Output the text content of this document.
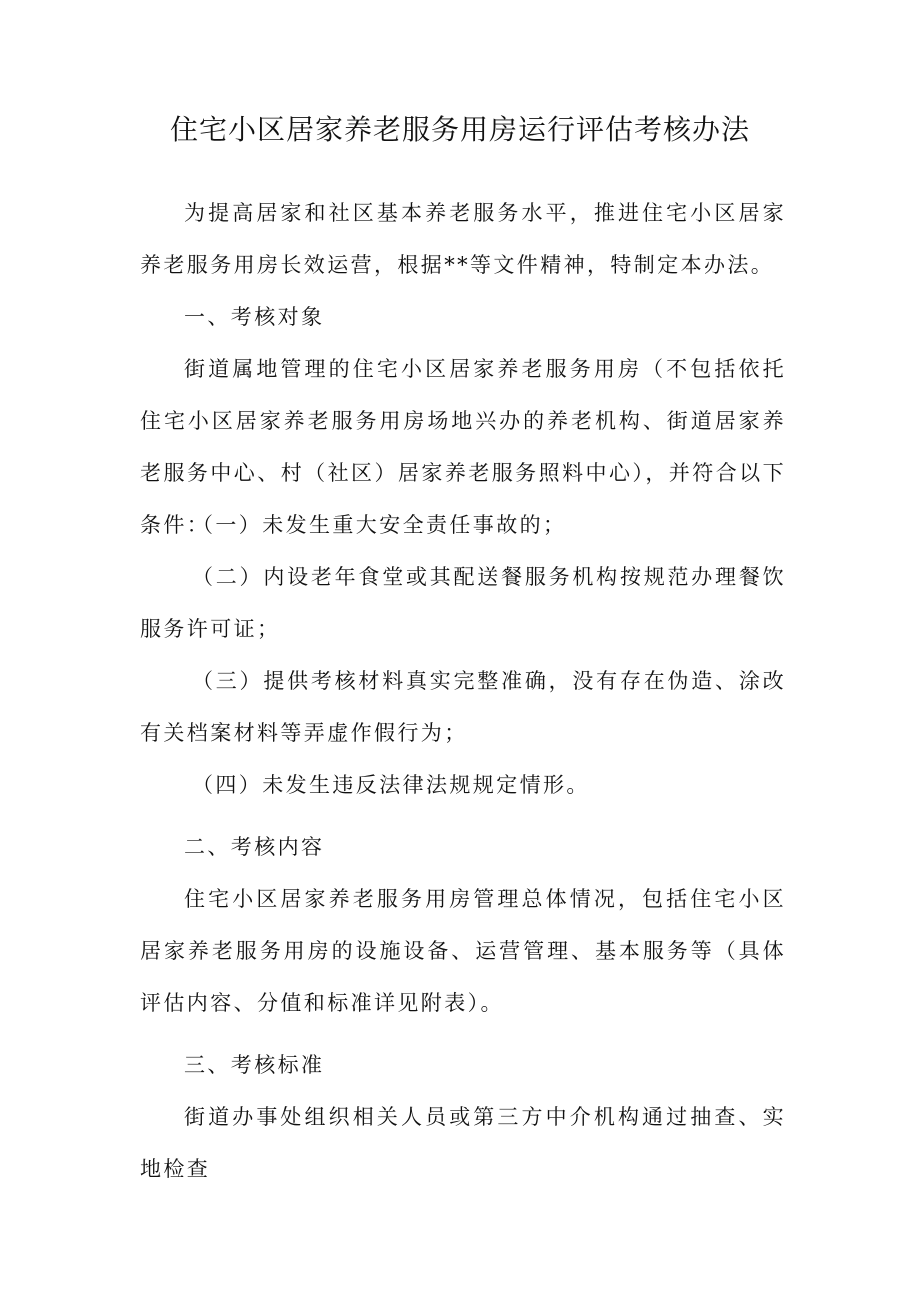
住宅小区居家养老服务用房运行评估考核办法

为提高居家和社区基本养老服务水平，推进住宅小区居家养老服务用房长效运营，根据**等文件精神，特制定本办法。

一、考核对象

街道属地管理的住宅小区居家养老服务用房（不包括依托住宅小区居家养老服务用房场地兴办的养老机构、街道居家养老服务中心、村（社区）居家养老服务照料中心），并符合以下条件：

（一）未发生重大安全责任事故的；

（二）内设老年食堂或其配送餐服务机构按规范办理餐饮服务许可证；

（三）提供考核材料真实完整准确，没有存在伪造、涂改有关档案材料等弄虚作假行为；

（四）未发生违反法律法规规定情形。

二、考核内容

住宅小区居家养老服务用房管理总体情况，包括住宅小区居家养老服务用房的设施设备、运营管理、基本服务等（具体评估内容、分值和标准详见附表）。

三、考核标准

街道办事处组织相关人员或第三方中介机构通过抽查、实地检查
